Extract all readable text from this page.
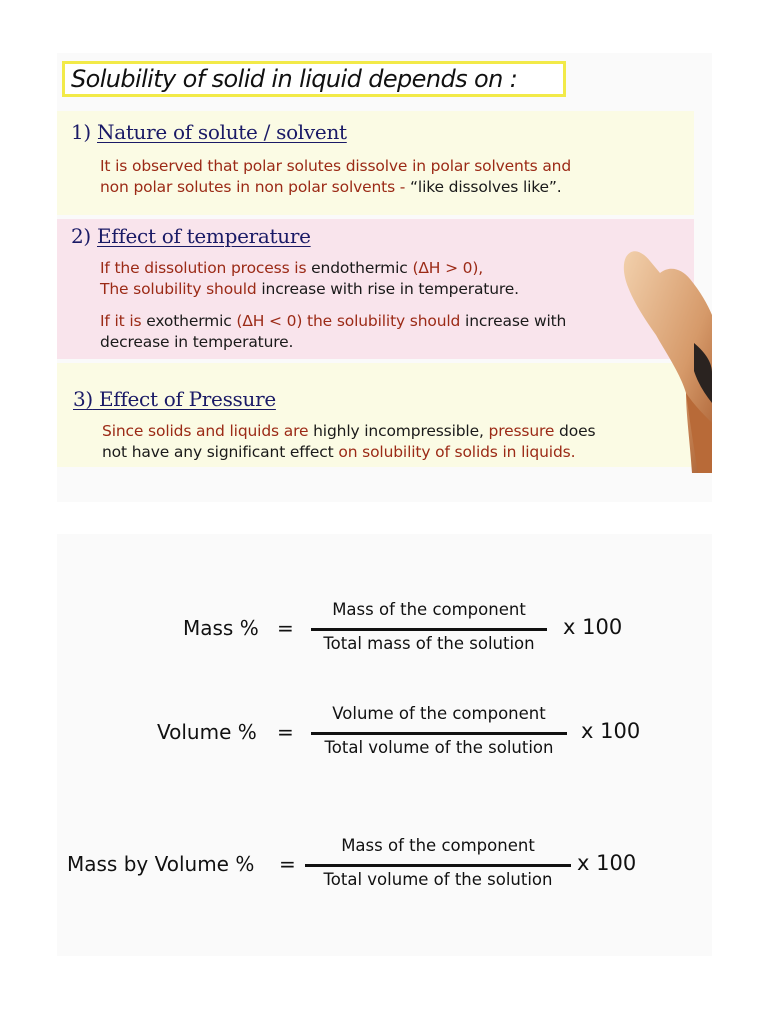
Solubility of solid in liquid depends on :
1) Nature of solute / solvent
It is observed that polar solutes dissolve in polar solvents and
non polar solutes in non polar solvents - “like dissolves like”.
2) Effect of temperature
If the dissolution process is endothermic (ΔH > 0),
The solubility should increase with rise in temperature.
If it is exothermic (ΔH < 0) the solubility should increase with
decrease in temperature.
3) Effect of Pressure
Since solids and liquids are highly incompressible, pressure does
not have any significant effect on solubility of solids in liquids.
Mass % =
Mass of the component
Total mass of the solution
x 100
Volume % =
Volume of the component
Total volume of the solution
x 100
Mass by Volume % =
Mass of the component
Total volume of the solution
x 100
